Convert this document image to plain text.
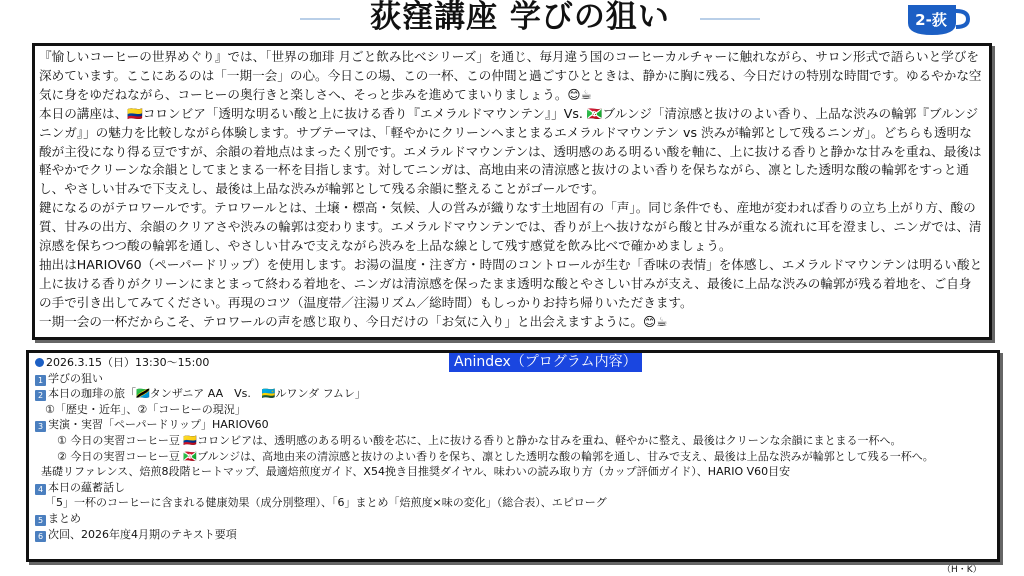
荻窪講座 学びの狙い	2-荻

『愉しいコーヒーの世界めぐり』では、「世界の珈琲 月ごと飲み比べシリーズ」を通じ、毎月違う国のコーヒーカルチャーに触れながら、サロン形式で語らいと学びを深めています。ここにあるのは「一期一会」の心。今日この場、この一杯、この仲間と過ごすひとときは、静かに胸に残る、今日だけの特別な時間です。ゆるやかな空気に身をゆだねながら、コーヒーの奥行きと楽しさへ、そっと歩みを進めてまいりましょう。😊☕

本日の講座は、🇨🇴コロンビア「透明な明るい酸と上に抜ける香り『エメラルドマウンテン』」Vs. 🇧🇮ブルンジ「清涼感と抜けのよい香り、上品な渋みの輪郭『ブルンジ ニンガ』」の魅力を比較しながら体験します。サブテーマは、「軽やかにクリーンへまとまるエメラルドマウンテン vs 渋みが輪郭として残るニンガ」。どちらも透明な酸が主役になり得る豆ですが、余韻の着地点はまったく別です。エメラルドマウンテンは、透明感のある明るい酸を軸に、上に抜ける香りと静かな甘みを重ね、最後は軽やかでクリーンな余韻としてまとまる一杯を目指します。対してニンガは、高地由来の清涼感と抜けのよい香りを保ちながら、凛とした透明な酸の輪郭をすっと通し、やさしい甘みで下支えし、最後は上品な渋みが輪郭として残る余韻に整えることがゴールです。

鍵になるのがテロワールです。テロワールとは、土壌・標高・気候、人の営みが織りなす土地固有の「声」。同じ条件でも、産地が変われば香りの立ち上がり方、酸の質、甘みの出方、余韻のクリアさや渋みの輪郭は変わります。エメラルドマウンテンでは、香りが上へ抜けながら酸と甘みが重なる流れに耳を澄まし、ニンガでは、清涼感を保ちつつ酸の輪郭を通し、やさしい甘みで支えながら渋みを上品な線として残す感覚を飲み比べで確かめましょう。

抽出はHARIOV60（ペーパードリップ）を使用します。お湯の温度・注ぎ方・時間のコントロールが生む「香味の表情」を体感し、エメラルドマウンテンは明るい酸と上に抜ける香りがクリーンにまとまって終わる着地を、ニンガは清涼感を保ったまま透明な酸とやさしい甘みが支え、最後に上品な渋みの輪郭が残る着地を、ご自身の手で引き出してみてください。再現のコツ（温度帯／注湯リズム／総時間）もしっかりお持ち帰りいただきます。

一期一会の一杯だからこそ、テロワールの声を感じ取り、今日だけの「お気に入り」と出会えますように。😊☕

Anindex（プログラム内容）
2026.3.15（日）13:30～15:00
1 学びの狙い
2 本日の珈琲の旅「🇹🇿タンザニア AA　Vs.　🇷🇼ルワンダ フムレ」
①「歴史・近年」、②「コーヒーの現況」
3 実演・実習「ペーパードリップ」HARIOV60
① 今日の実習コーヒー豆 🇨🇴コロンビアは、透明感のある明るい酸を芯に、上に抜ける香りと静かな甘みを重ね、軽やかに整え、最後はクリーンな余韻にまとまる一杯へ。
② 今日の実習コーヒー豆 🇧🇮ブルンジは、高地由来の清涼感と抜けのよい香りを保ち、凛とした透明な酸の輪郭を通し、甘みで支え、最後は上品な渋みが輪郭として残る一杯へ。
基礎リファレンス、焙煎8段階ヒートマップ、最適焙煎度ガイド、X54挽き目推奨ダイヤル、味わいの読み取り方（カップ評価ガイド）、HARIO V60目安
4 本日の蘊蓄話し
「5」一杯のコーヒーに含まれる健康効果（成分別整理）、「6」まとめ「焙煎度×味の変化」（総合表）、エピローグ
5 まとめ
6 次回、2026年度4月期のテキスト要項
（H・K）
